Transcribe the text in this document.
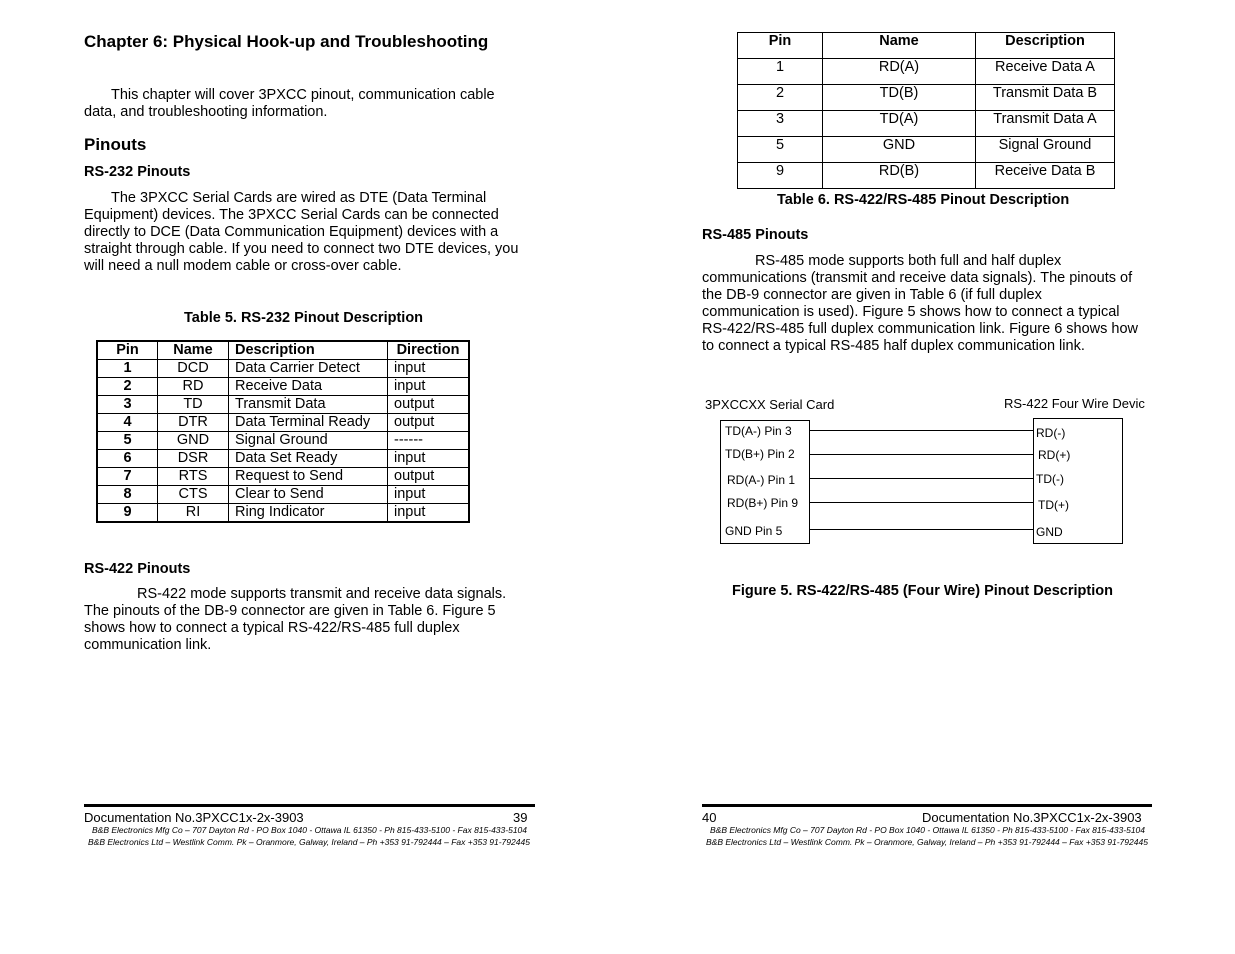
Chapter 6: Physical Hook-up and Troubleshooting
This chapter will cover 3PXCC pinout, communication cable
data, and troubleshooting information.
Pinouts
RS-232 Pinouts
The 3PXCC Serial Cards are wired as DTE (Data Terminal
Equipment) devices. The 3PXCC Serial Cards can be connected
directly to DCE (Data Communication Equipment) devices with a
straight through cable. If you need to connect two DTE devices, you
will need a null modem cable or cross-over cable.
Table 5. RS-232 Pinout Description
Pin	Name	Description	Direction
1	DCD	Data Carrier Detect	input
2	RD	Receive Data	input
3	TD	Transmit Data	output
4	DTR	Data Terminal Ready	output
5	GND	Signal Ground	------
6	DSR	Data Set Ready	input
7	RTS	Request to Send	output
8	CTS	Clear to Send	input
9	RI	Ring Indicator	input
RS-422 Pinouts
RS-422 mode supports transmit and receive data signals.
The pinouts of the DB-9 connector are given in Table 6. Figure 5
shows how to connect a typical RS-422/RS-485 full duplex
communication link.
Documentation No.3PXCC1x-2x-3903	39
B&B Electronics Mfg Co – 707 Dayton Rd - PO Box 1040 - Ottawa IL 61350 - Ph 815-433-5100 - Fax 815-433-5104
B&B Electronics Ltd – Westlink Comm. Pk – Oranmore, Galway, Ireland – Ph +353 91-792444 – Fax +353 91-792445
Pin	Name	Description
1	RD(A)	Receive Data A
2	TD(B)	Transmit Data B
3	TD(A)	Transmit Data A
5	GND	Signal Ground
9	RD(B)	Receive Data B
Table 6. RS-422/RS-485 Pinout Description
RS-485 Pinouts
RS-485 mode supports both full and half duplex
communications (transmit and receive data signals). The pinouts of
the DB-9 connector are given in Table 6 (if full duplex
communication is used). Figure 5 shows how to connect a typical
RS-422/RS-485 full duplex communication link. Figure 6 shows how
to connect a typical RS-485 half duplex communication link.
3PXCCXX Serial Card	RS-422 Four Wire Devic
TD(A-) Pin 3
TD(B+) Pin 2
RD(A-) Pin 1
RD(B+) Pin 9
GND Pin 5
RD(-)
RD(+)
TD(-)
TD(+)
GND
Figure 5. RS-422/RS-485 (Four Wire) Pinout Description
40	Documentation No.3PXCC1x-2x-3903
B&B Electronics Mfg Co – 707 Dayton Rd - PO Box 1040 - Ottawa IL 61350 - Ph 815-433-5100 - Fax 815-433-5104
B&B Electronics Ltd – Westlink Comm. Pk – Oranmore, Galway, Ireland – Ph +353 91-792444 – Fax +353 91-792445
